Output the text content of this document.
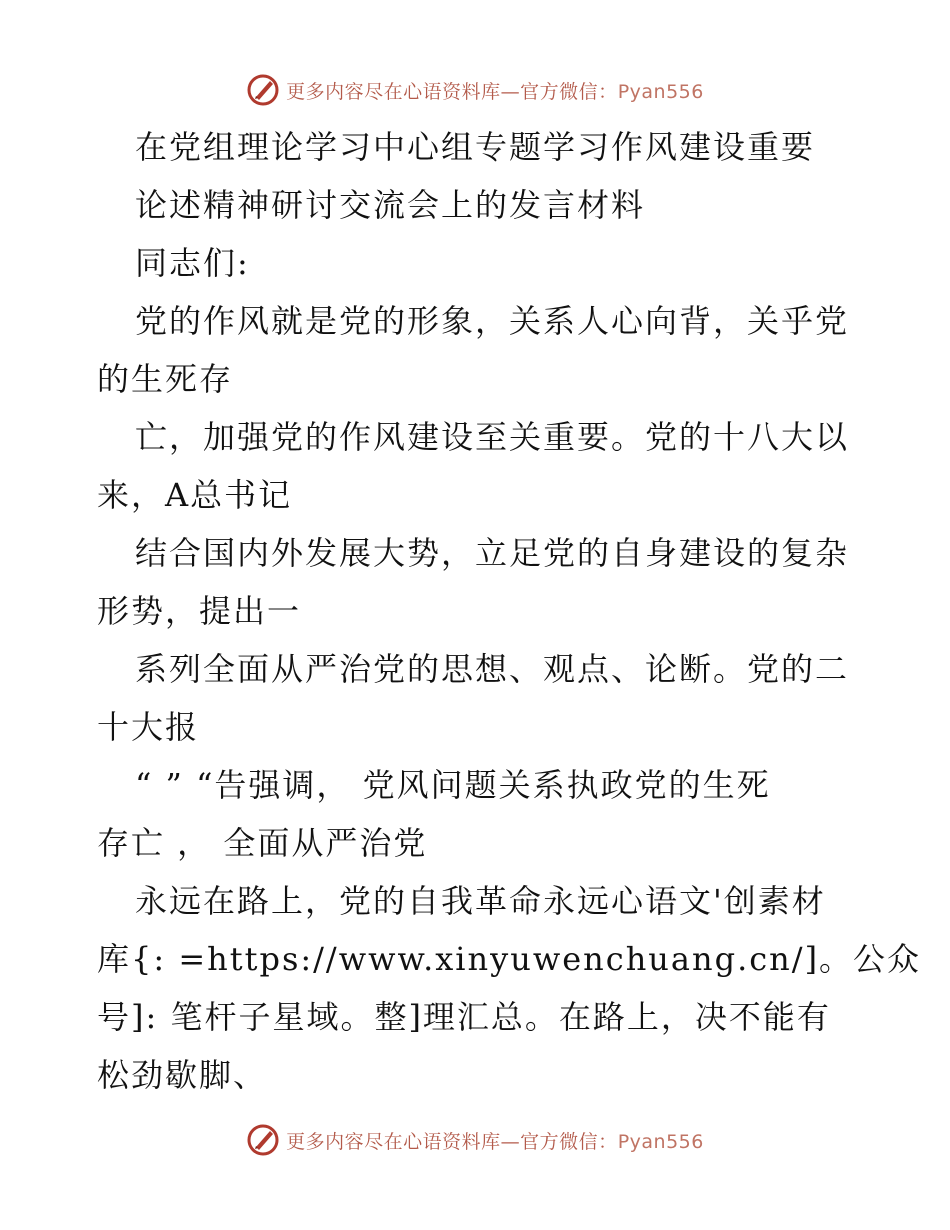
更多内容尽在心语资料库—官方微信：Pyan556
在党组理论学习中心组专题学习作风建设重要
论述精神研讨交流会上的发言材料
同志们:
党的作风就是党的形象，关系人心向背，关乎党
的生死存
亡，加强党的作风建设至关重要。党的十八大以
来，A总书记
结合国内外发展大势，立足党的自身建设的复杂
形势，提出一
系列全面从严治党的思想、观点、论断。党的二
十大报
“ ” “告强调， 党风问题关系执政党的生死
存亡 ， 全面从严治党
永远在路上，党的自我革命永远心语文'创素材
库{: =https://www.xinyuwenchuang.cn/]。公众
号]: 笔杆子星域。整]理汇总。在路上，决不能有
松劲歇脚、
更多内容尽在心语资料库—官方微信：Pyan556
